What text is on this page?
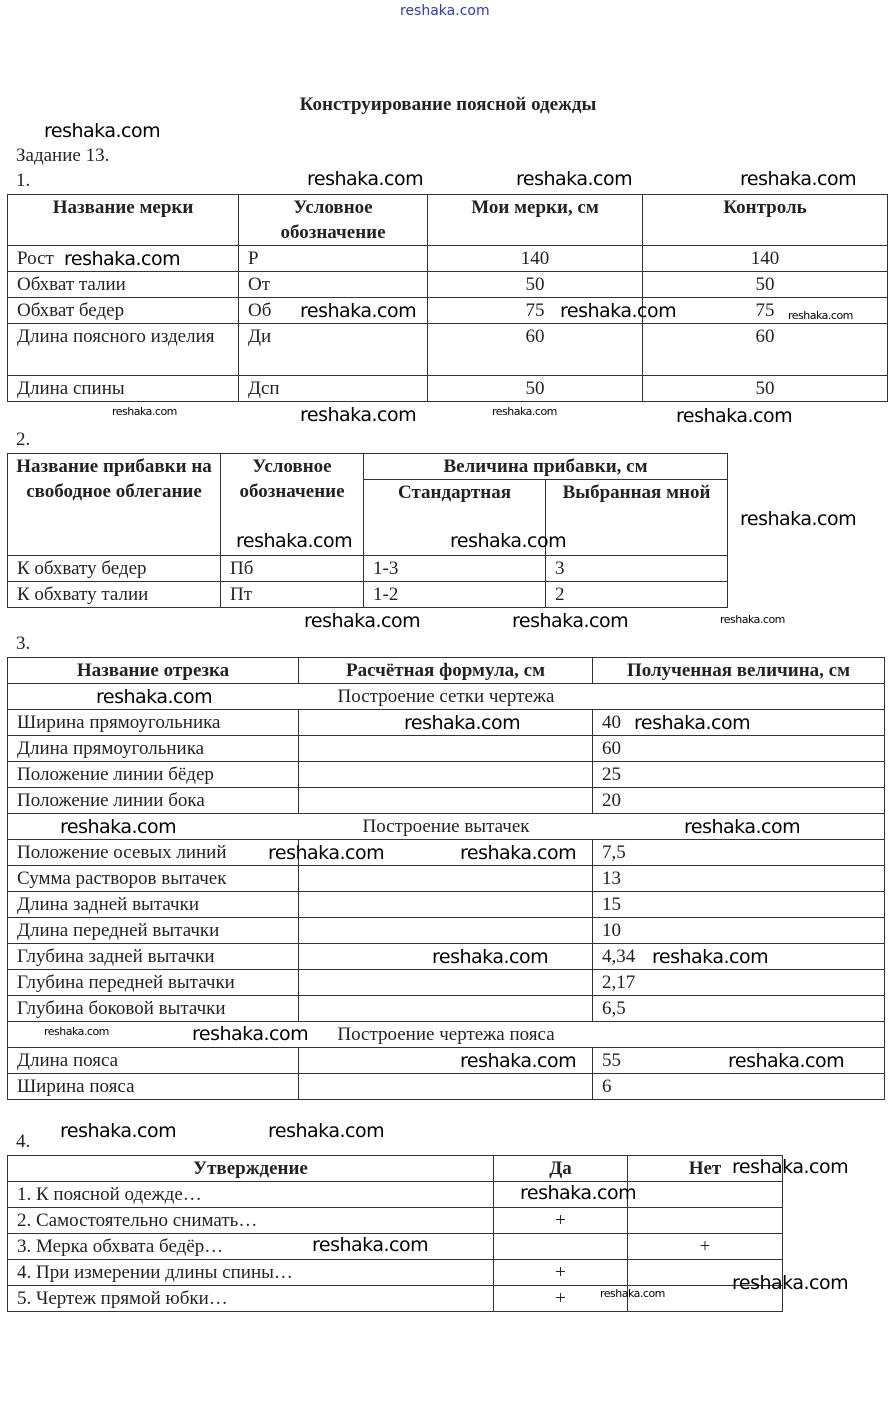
reshaka.com
Конструирование поясной одежды
Задание 13.
1.
Название мерки	Условное обозначение	Мои мерки, см	Контроль
Рост	Р	140	140
Обхват талии	От	50	50
Обхват бедер	Об	75	75
Длина поясного изделия	Ди	60	60
Длина спины	Дсп	50	50
2.
Название прибавки на свободное облегание	Условное обозначение	Величина прибавки, см	
		Стандартная	Выбранная мной
К обхвату бедер	Пб	1-3	3
К обхвату талии	Пт	1-2	2
3.
Название отрезка	Расчётная формула, см	Полученная величина, см
Построение сетки чертежа		
Ширина прямоугольника		40
Длина прямоугольника		60
Положение линии бёдер		25
Положение линии бока		20
Построение вытачек		
Положение осевых линий		7,5
Сумма растворов вытачек		13
Длина задней вытачки		15
Длина передней вытачки		10
Глубина задней вытачки		4,34
Глубина передней вытачки		2,17
Глубина боковой вытачки		6,5
Построение чертежа пояса		
Длина пояса		55
Ширина пояса		6
4.
Утверждение	Да	Нет
1. К поясной одежде…		
2. Самостоятельно снимать…	+	
3. Мерка обхвата бедёр…		+
4. При измерении длины спины…	+	
5. Чертеж прямой юбки…	+	
reshaka.com
reshaka.com	reshaka.com	reshaka.com
reshaka.com
reshaka.com	reshaka.com	reshaka.com
reshaka.com	reshaka.com	reshaka.com	reshaka.com
reshaka.com	reshaka.com
reshaka.com
reshaka.com	reshaka.com	reshaka.com
reshaka.com
reshaka.com	reshaka.com
reshaka.com	reshaka.com
reshaka.com	reshaka.com
reshaka.com	reshaka.com
reshaka.com	reshaka.com
reshaka.com	reshaka.com
reshaka.com	reshaka.com
reshaka.com
reshaka.com
reshaka.com
reshaka.com
reshaka.com
